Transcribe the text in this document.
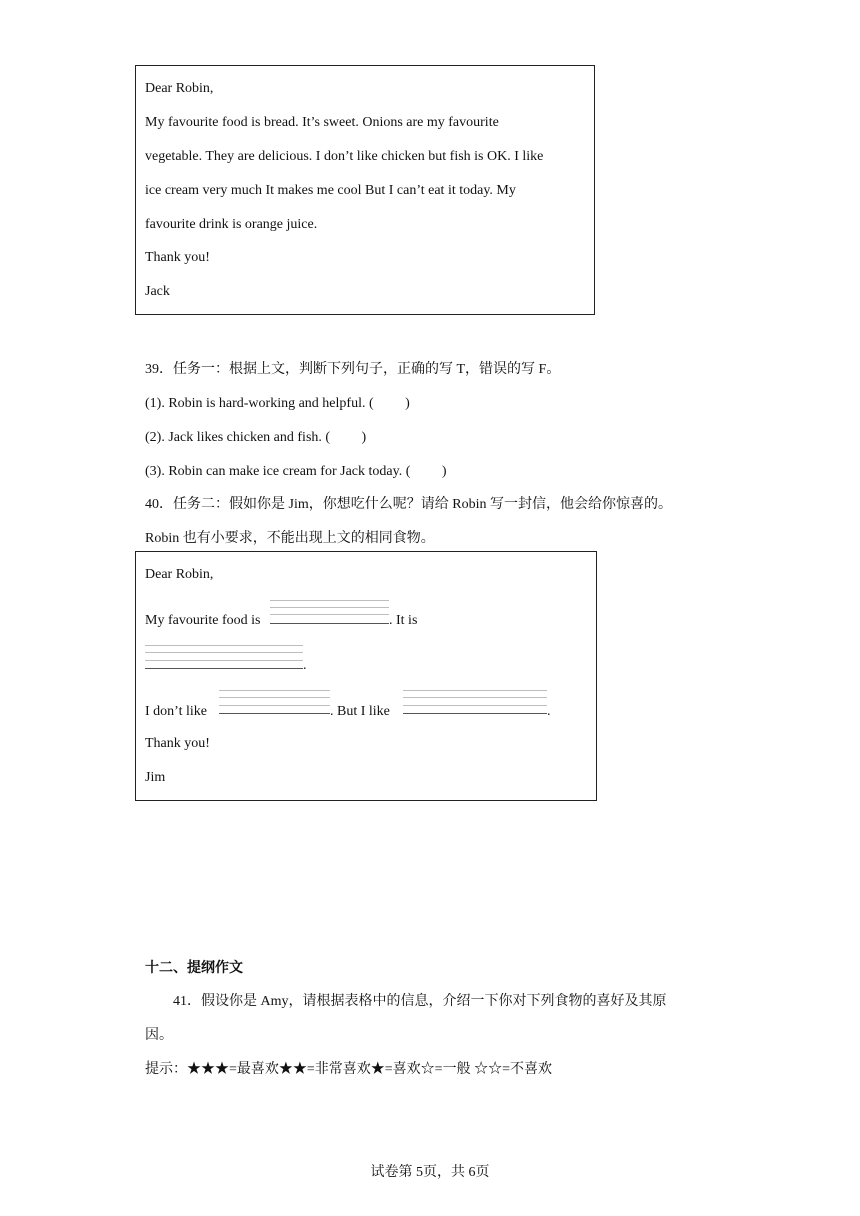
Dear Robin,
My favourite food is bread. It’s sweet. Onions are my favourite
vegetable. They are delicious. I don’t like chicken but fish is OK. I like
ice cream very much It makes me cool But I can’t eat it today. My
favourite drink is orange juice.
Thank you!
Jack
39．任务一：根据上文，判断下列句子，正确的写 T，错误的写 F。
(1). Robin is hard-working and helpful. (　　 )
(2). Jack likes chicken and fish. (　　 )
(3). Robin can make ice cream for Jack today. (　　 )
40．任务二：假如你是 Jim，你想吃什么呢？请给 Robin 写一封信，他会给你惊喜的。
Robin 也有小要求，不能出现上文的相同食物。
Dear Robin,
My favourite food is	. It is
.
I don’t like	. But I like	.
Thank you!
Jim
十二、提纲作文
41．假设你是 Amy，请根据表格中的信息，介绍一下你对下列食物的喜好及其原
因。
提示：★★★=最喜欢★★=非常喜欢★=喜欢☆=一般 ☆☆=不喜欢
试卷第 5页，共 6页
